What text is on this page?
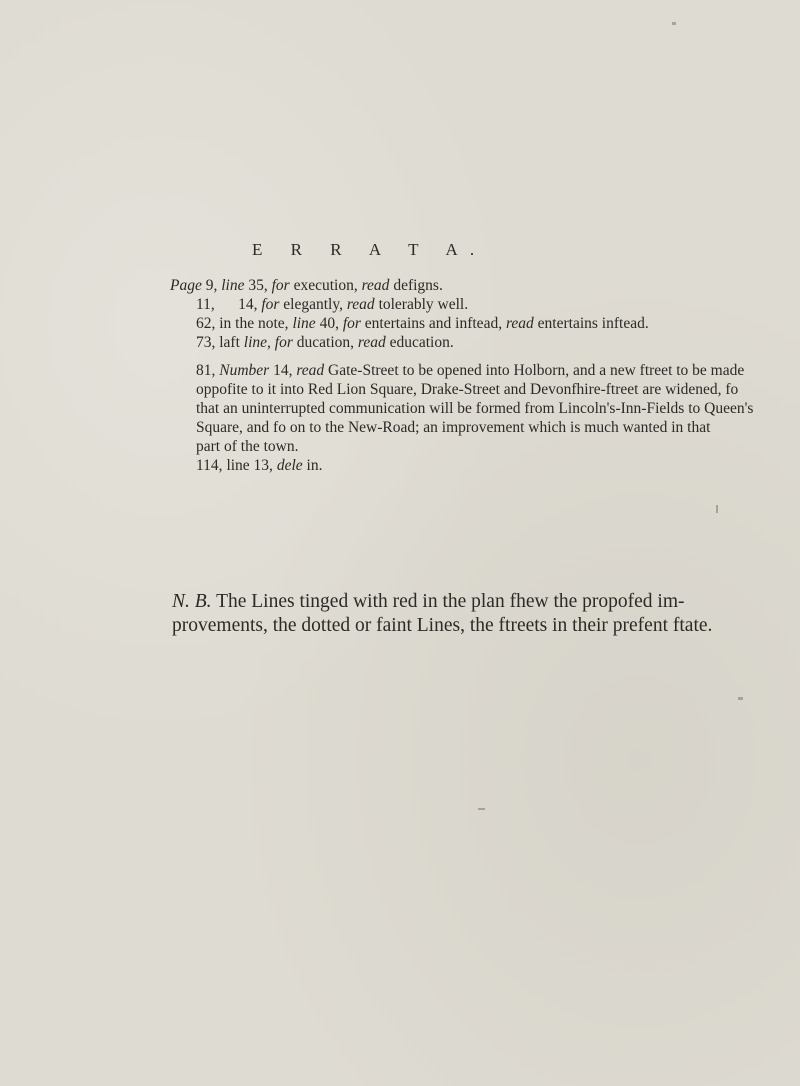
E R R A T A.
Page 9, line 35, for execution, read defigns.
11, 14, for elegantly, read tolerably well.
62, in the note, line 40, for entertains and inftead, read entertains inftead.
73, laft line, for ducation, read education.
81, Number 14, read Gate-Street to be opened into Holborn, and a new ftreet to be made
oppofite to it into Red Lion Square, Drake-Street and Devonfhire-ftreet are widened, fo
that an uninterrupted communication will be formed from Lincoln's-Inn-Fields to Queen's
Square, and fo on to the New-Road; an improvement which is much wanted in that
part of the town.
114, line 13, dele in.
N. B. The Lines tinged with red in the plan fhew the propofed im-
provements, the dotted or faint Lines, the ftreets in their prefent ftate.
